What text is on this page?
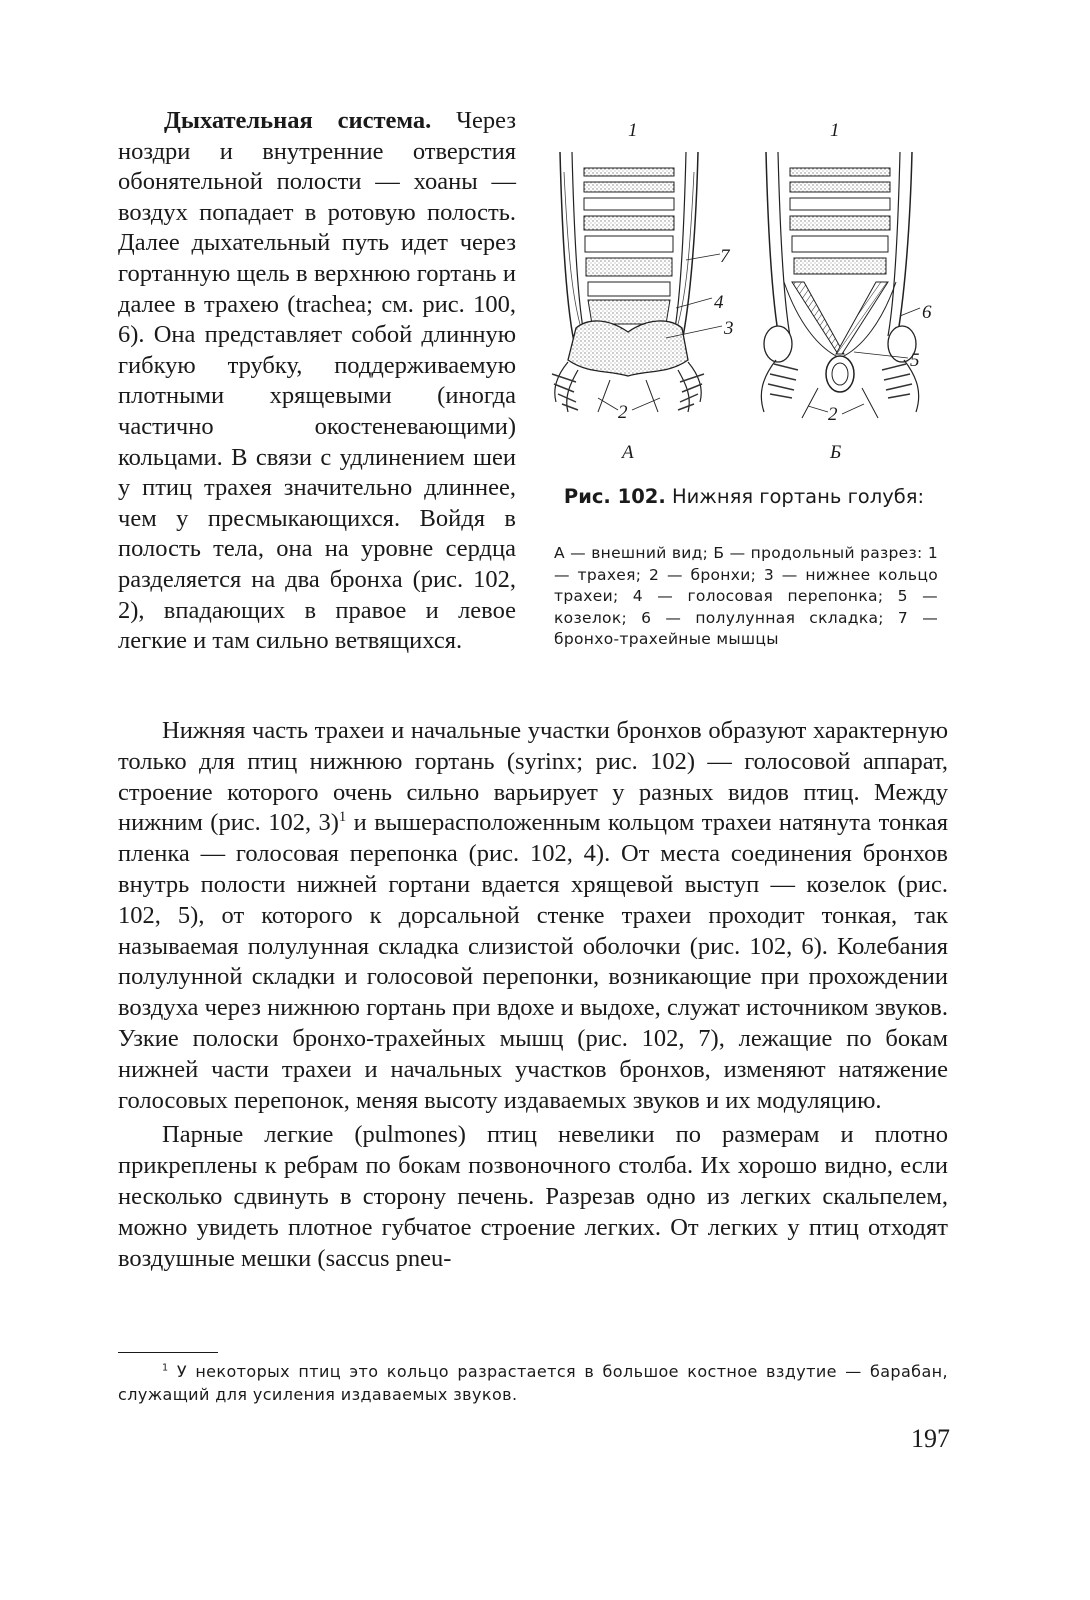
Дыхательная система. Через ноздри и внутренние отверстия обонятельной полости — хоаны — воздух попадает в ротовую полость. Далее дыхательный путь идет через гортанную щель в верхнюю гортань и далее в трахею (trachea; см. рис. 100, 6). Она представляет собой длинную гибкую трубку, поддерживаемую плотными хрящевыми (иногда частично окостеневающими) кольцами. В связи с удлинением шеи у птиц трахея значительно длиннее, чем у пресмыкающихся. Войдя в полость тела, она на уровне сердца разделяется на два бронха (рис. 102, 2), впадающих в правое и левое легкие и там сильно ветвящихся.

1	1
7
4
3
6
5
2	2
А	Б
Рис. 102. Нижняя гортань голубя:
А — внешний вид; Б — продольный разрез: 1 — трахея; 2 — бронхи; 3 — нижнее кольцо трахеи; 4 — голосовая перепонка; 5 — козелок; 6 — полулунная складка; 7 — бронхо-трахейные мышцы

Нижняя часть трахеи и начальные участки бронхов образуют характерную только для птиц нижнюю гортань (syrinx; рис. 102) — голосовой аппарат, строение которого очень сильно варьирует у разных видов птиц. Между нижним (рис. 102, 3)$^1$ и вышерасположенным кольцом трахеи натянута тонкая пленка — голосовая перепонка (рис. 102, 4). От места соединения бронхов внутрь полости нижней гортани вдается хрящевой выступ — козелок (рис. 102, 5), от которого к дорсальной стенке трахеи проходит тонкая, так называемая полулунная складка слизистой оболочки (рис. 102, 6). Колебания полулунной складки и голосовой перепонки, возникающие при прохождении воздуха через нижнюю гортань при вдохе и выдохе, служат источником звуков. Узкие полоски бронхо-трахейных мышц (рис. 102, 7), лежащие по бокам нижней части трахеи и начальных участков бронхов, изменяют натяжение голосовых перепонок, меняя высоту издаваемых звуков и их модуляцию.

Парные легкие (pulmones) птиц невелики по размерам и плотно прикреплены к ребрам по бокам позвоночного столба. Их хорошо видно, если несколько сдвинуть в сторону печень. Разрезав одно из легких скальпелем, можно увидеть плотное губчатое строение легких. От легких у птиц отходят воздушные мешки (saccus pneu-

$^1$ У некоторых птиц это кольцо разрастается в большое костное вздутие — барабан, служащий для усиления издаваемых звуков.
197
